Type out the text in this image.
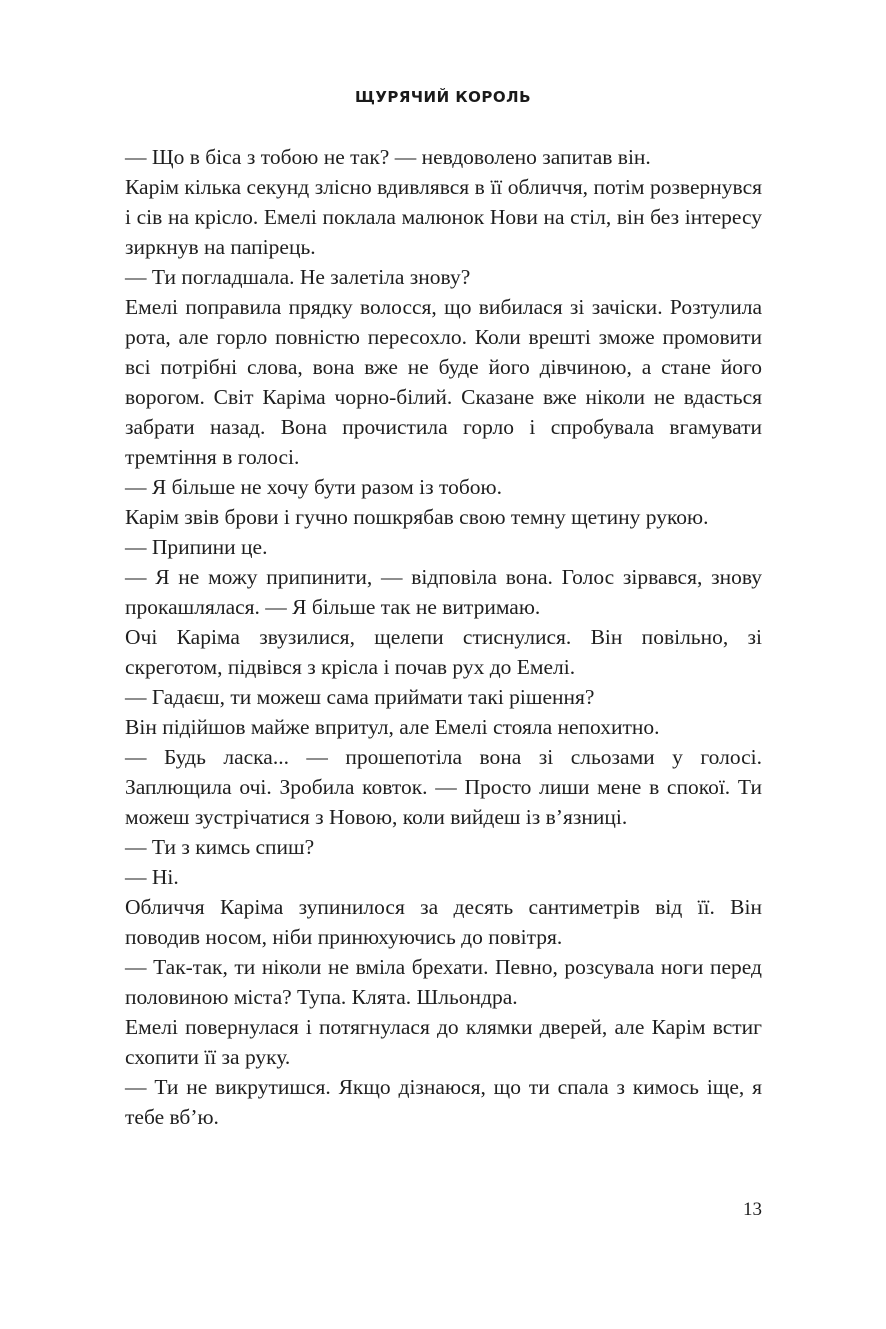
ЩУРЯЧИЙ КОРОЛЬ

— Що в біса з тобою не так? — невдоволено запитав він.

Карім кілька секунд злісно вдивлявся в її обличчя, потім розвернувся і сів на крісло. Емелі поклала малюнок Нови на стіл, він без інтересу зиркнув на папірець.

— Ти погладшала. Не залетіла знову?

Емелі поправила прядку волосся, що вибилася зі зачіски. Розтулила рота, але горло повністю пересохло. Коли врешті зможе промовити всі потрібні слова, вона вже не буде його дівчиною, а стане його ворогом. Світ Каріма чорно-білий. Сказане вже ніколи не вдасться забрати назад. Вона прочистила горло і спробувала вгамувати тремтіння в голосі.

— Я більше не хочу бути разом із тобою.

Карім звів брови і гучно пошкрябав свою темну щетину рукою.

— Припини це.

— Я не можу припинити, — відповіла вона. Голос зірвався, знову прокашлялася. — Я більше так не витримаю.

Очі Каріма звузилися, щелепи стиснулися. Він повільно, зі скреготом, підвівся з крісла і почав рух до Емелі.

— Гадаєш, ти можеш сама приймати такі рішення?

Він підійшов майже впритул, але Емелі стояла непохитно.

— Будь ласка... — прошепотіла вона зі сльозами у голосі. Заплющила очі. Зробила ковток. — Просто лиши мене в спокої. Ти можеш зустрічатися з Новою, коли вийдеш із в’язниці.

— Ти з кимсь спиш?

— Ні.

Обличчя Каріма зупинилося за десять сантиметрів від її. Він поводив носом, ніби принюхуючись до повітря.

— Так-так, ти ніколи не вміла брехати. Певно, розсувала ноги перед половиною міста? Тупа. Клята. Шльондра.

Емелі повернулася і потягнулася до клямки дверей, але Карім встиг схопити її за руку.

— Ти не викрутишся. Якщо дізнаюся, що ти спала з кимось іще, я тебе вб’ю.

13
